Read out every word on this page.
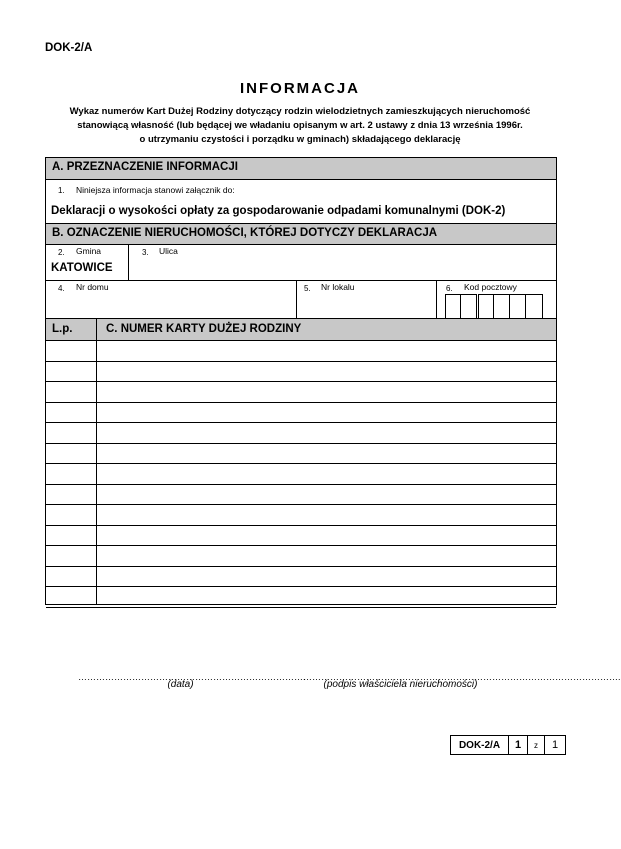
DOK-2/A
INFORMACJA
Wykaz numerów Kart Dużej Rodziny dotyczący rodzin wielodzietnych zamieszkujących nieruchomość
stanowiącą własność (lub będącej we władaniu opisanym w art. 2 ustawy z dnia 13 września 1996r.
o utrzymaniu czystości i porządku w gminach) składającego deklarację
A. PRZEZNACZENIE INFORMACJI
1. Niniejsza informacja stanowi załącznik do:
Deklaracji o wysokości opłaty za gospodarowanie odpadami komunalnymi (DOK-2)
B. OZNACZENIE NIERUCHOMOŚCI, KTÓREJ DOTYCZY DEKLARACJA
2. Gmina
KATOWICE
3. Ulica
4. Nr domu	5. Nr lokalu	6. Kod pocztowy
L.p.	C. NUMER KARTY DUŻEJ RODZINY
………………………………………………………………….
(data)
…………………………………………………………………………………………….
(podpis właściciela nieruchomości)
DOK-2/A	1	z	1
